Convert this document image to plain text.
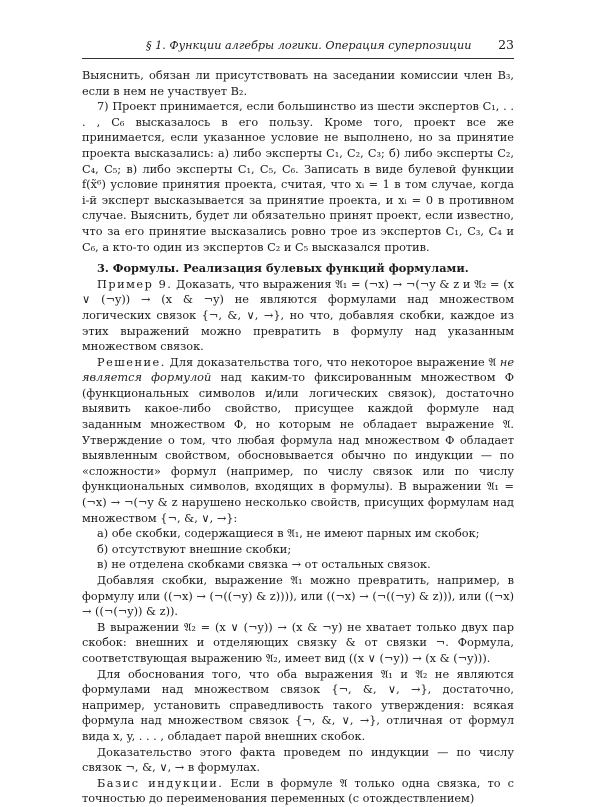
§ 1. Функции алгебры логики. Операция суперпозиции 23

Выяснить, обязан ли присутствовать на заседании комиссии член B₃, если в нем не участвует B₂.

7) Проект принимается, если большинство из шести экспертов C₁, . . . , C₆ высказалось в его пользу. Кроме того, проект все же принимается, если указанное условие не выполнено, но за принятие проекта высказались: а) либо эксперты C₁, C₂, C₃; б) либо эксперты C₂, C₄, C₅; в) либо эксперты C₁, C₅, C₆. Записать в виде булевой функции f(x̃⁶) условие принятия проекта, считая, что xᵢ = 1 в том случае, когда i-й эксперт высказывается за принятие проекта, и xᵢ = 0 в противном случае. Выяснить, будет ли обязательно принят проект, если известно, что за его принятие высказались ровно трое из экспертов C₁, C₃, C₄ и C₆, а кто-то один из экспертов C₂ и C₅ высказался против.

3. Формулы. Реализация булевых функций формулами.

Пример 9. Доказать, что выражения 𝔄₁ = (¬x) → ¬(¬y & z и 𝔄₂ = (x ∨ (¬y)) → (x & ¬y) не являются формулами над множеством логических связок {¬, &, ∨, →}, но что, добавляя скобки, каждое из этих выражений можно превратить в формулу над указанным множеством связок.

Решение. Для доказательства того, что некоторое выражение 𝔄 не является формулой над каким-то фиксированным множеством Φ (функциональных символов и/или логических связок), достаточно выявить какое-либо свойство, присущее каждой формуле над заданным множеством Φ, но которым не обладает выражение 𝔄. Утверждение о том, что любая формула над множеством Φ обладает выявленным свойством, обосновывается обычно по индукции — по «сложности» формул (например, по числу связок или по числу функциональных символов, входящих в формулы). В выражении 𝔄₁ = (¬x) → ¬(¬y & z нарушено несколько свойств, присущих формулам над множеством {¬, &, ∨, →}:

а) обе скобки, содержащиеся в 𝔄₁, не имеют парных им скобок;

б) отсутствуют внешние скобки;

в) не отделена скобками связка → от остальных связок.

Добавляя скобки, выражение 𝔄₁ можно превратить, например, в формулу или ((¬x) → (¬((¬y) & z)))), или ((¬x) → (¬((¬y) & z))), или ((¬x) → ((¬(¬y)) & z)).

В выражении 𝔄₂ = (x ∨ (¬y)) → (x & ¬y) не хватает только двух пар скобок: внешних и отделяющих связку & от связки ¬. Формула, соответствующая выражению 𝔄₂, имеет вид ((x ∨ (¬y)) → (x & (¬y))).

Для обоснования того, что оба выражения 𝔄₁ и 𝔄₂ не являются формулами над множеством связок {¬, &, ∨, →}, достаточно, например, установить справедливость такого утверждения: всякая формула над множеством связок {¬, &, ∨, →}, отличная от формул вида x, y, . . . , обладает парой внешних скобок.

Доказательство этого факта проведем по индукции — по числу связок ¬, &, ∨, → в формулах.

Базис индукции. Если в формуле 𝔄 только одна связка, то с точностью до переименования переменных (с отождествлением)
